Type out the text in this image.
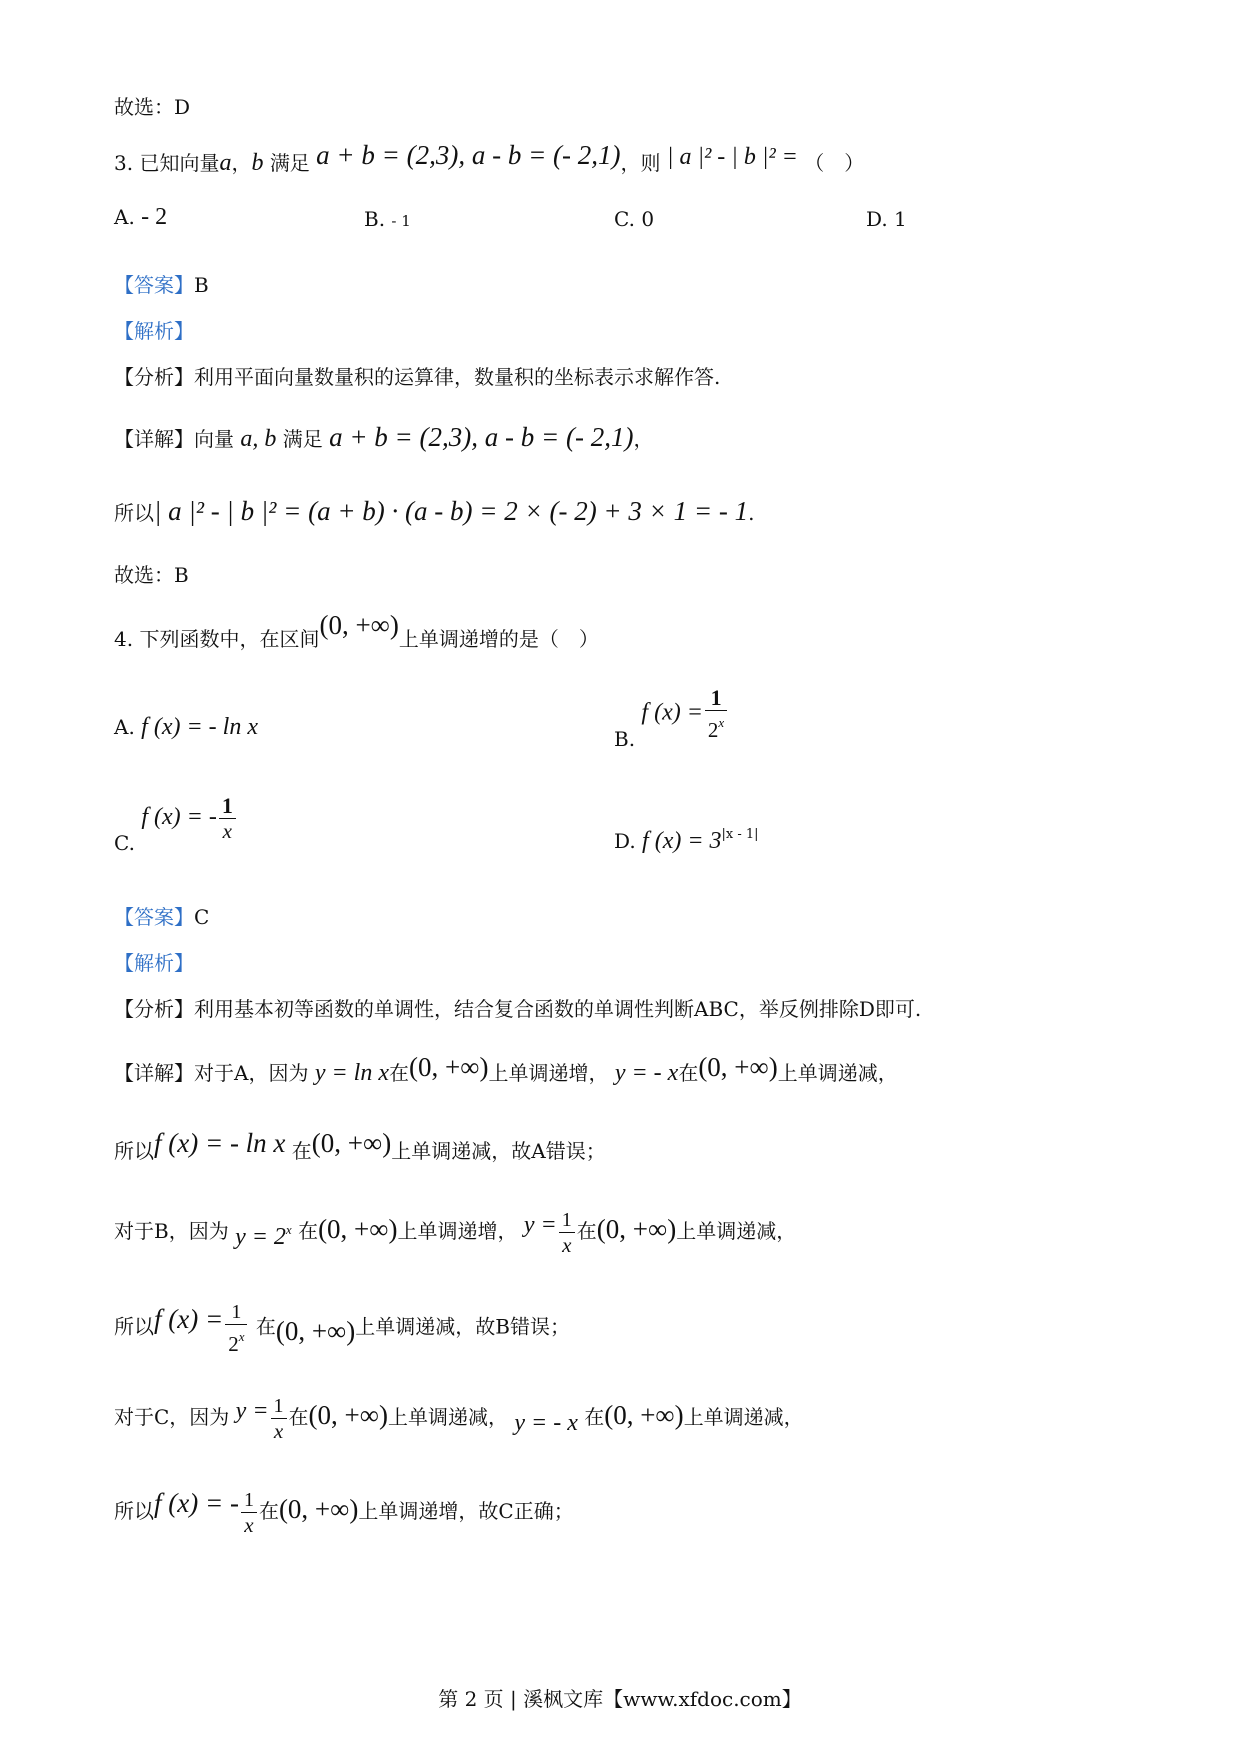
故选：D
3. 已知向量a，b 满足 a + b = (2,3), a - b = (- 2,1)，则 | a |² - | b |² = （　）
A. - 2	B. - 1	C. 0	D. 1
【答案】B
【解析】
【分析】利用平面向量数量积的运算律，数量积的坐标表示求解作答.
【详解】向量 a, b 满足 a + b = (2,3), a - b = (- 2,1)，
所以| a |² - | b |² = (a + b) · (a - b) = 2 × (- 2) + 3 × 1 = - 1.
故选：B
4. 下列函数中，在区间(0, +∞)上单调递增的是（　）
A. f (x) = - ln x	B. f $(x) = \frac{1}{2^x}$
C. f (x) = - $\frac{1}{x}$	D. f $(x) = 3^{|x - 1|}$
【答案】C
【解析】
【分析】利用基本初等函数的单调性，结合复合函数的单调性判断ABC，举反例排除D即可.
【详解】对于A，因为 y = ln x在(0, +∞)上单调递增， y = - x在(0, +∞)上单调递减，
所以f (x) = - ln x 在(0, +∞)上单调递减，故A错误；
对于B，因为 $y = 2^x$ 在(0, +∞)上单调递增， $y = \frac{1}{x}$ 在(0, +∞)上单调递减，
所以f $(x) = \frac{1}{2^x}$ 在(0, +∞)上单调递减，故B错误；
对于C，因为 $y = \frac{1}{x}$ 在(0, +∞)上单调递减， y = - x 在(0, +∞)上单调递减，
所以f (x) = - $\frac{1}{x}$ 在(0, +∞)上单调递增，故C正确；
第 2 页 | 溪枫文库【www.xfdoc.com】
